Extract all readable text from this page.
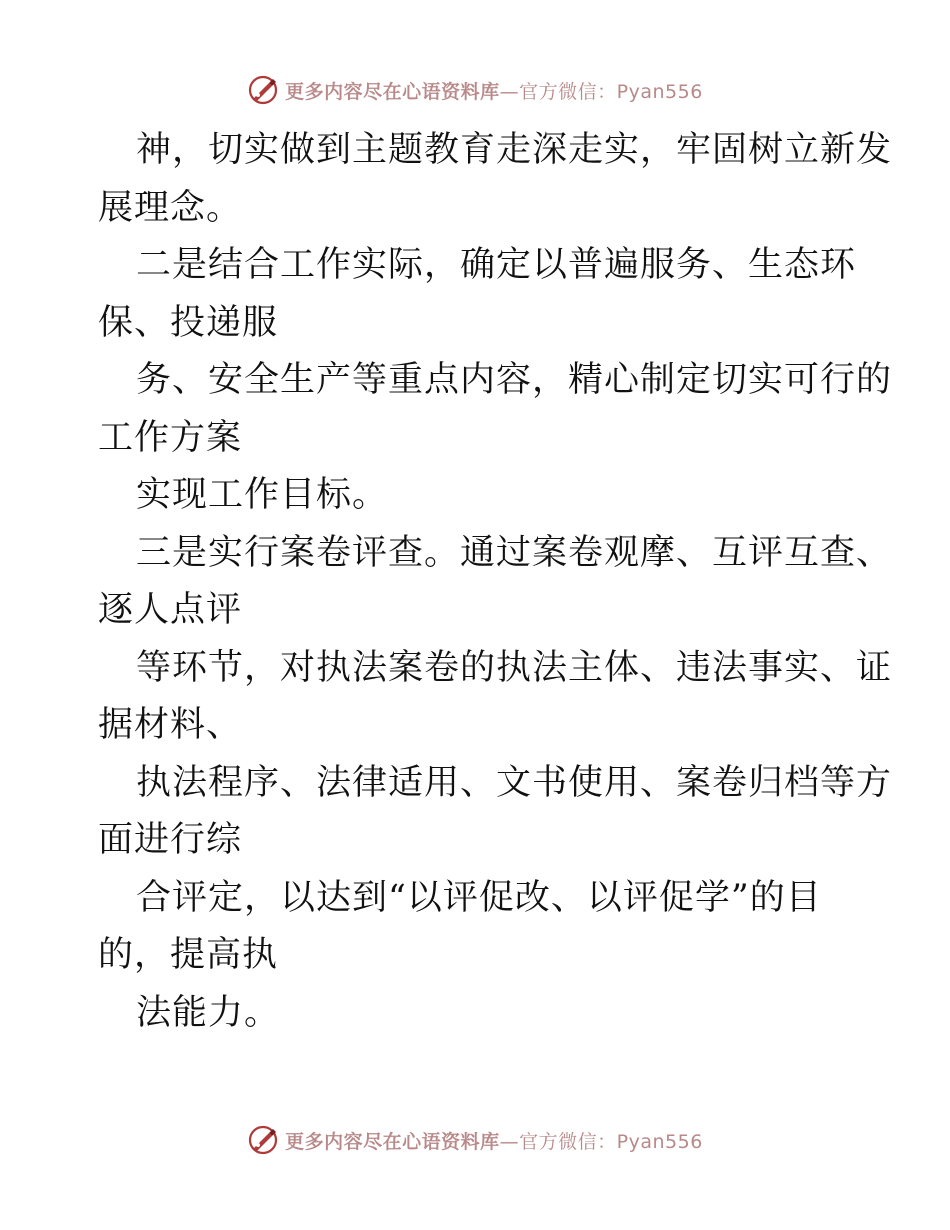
更多内容尽在心语资料库—官方微信：Pyan556
神，切实做到主题教育走深走实，牢固树立新发
展理念。
二是结合工作实际，确定以普遍服务、生态环
保、投递服
务、安全生产等重点内容，精心制定切实可行的
工作方案
实现工作目标。
三是实行案卷评查。通过案卷观摩、互评互查、
逐人点评
等环节，对执法案卷的执法主体、违法事实、证
据材料、
执法程序、法律适用、文书使用、案卷归档等方
面进行综
合评定，以达到“以评促改、以评促学”的目
的，提高执
法能力。
更多内容尽在心语资料库—官方微信：Pyan556
